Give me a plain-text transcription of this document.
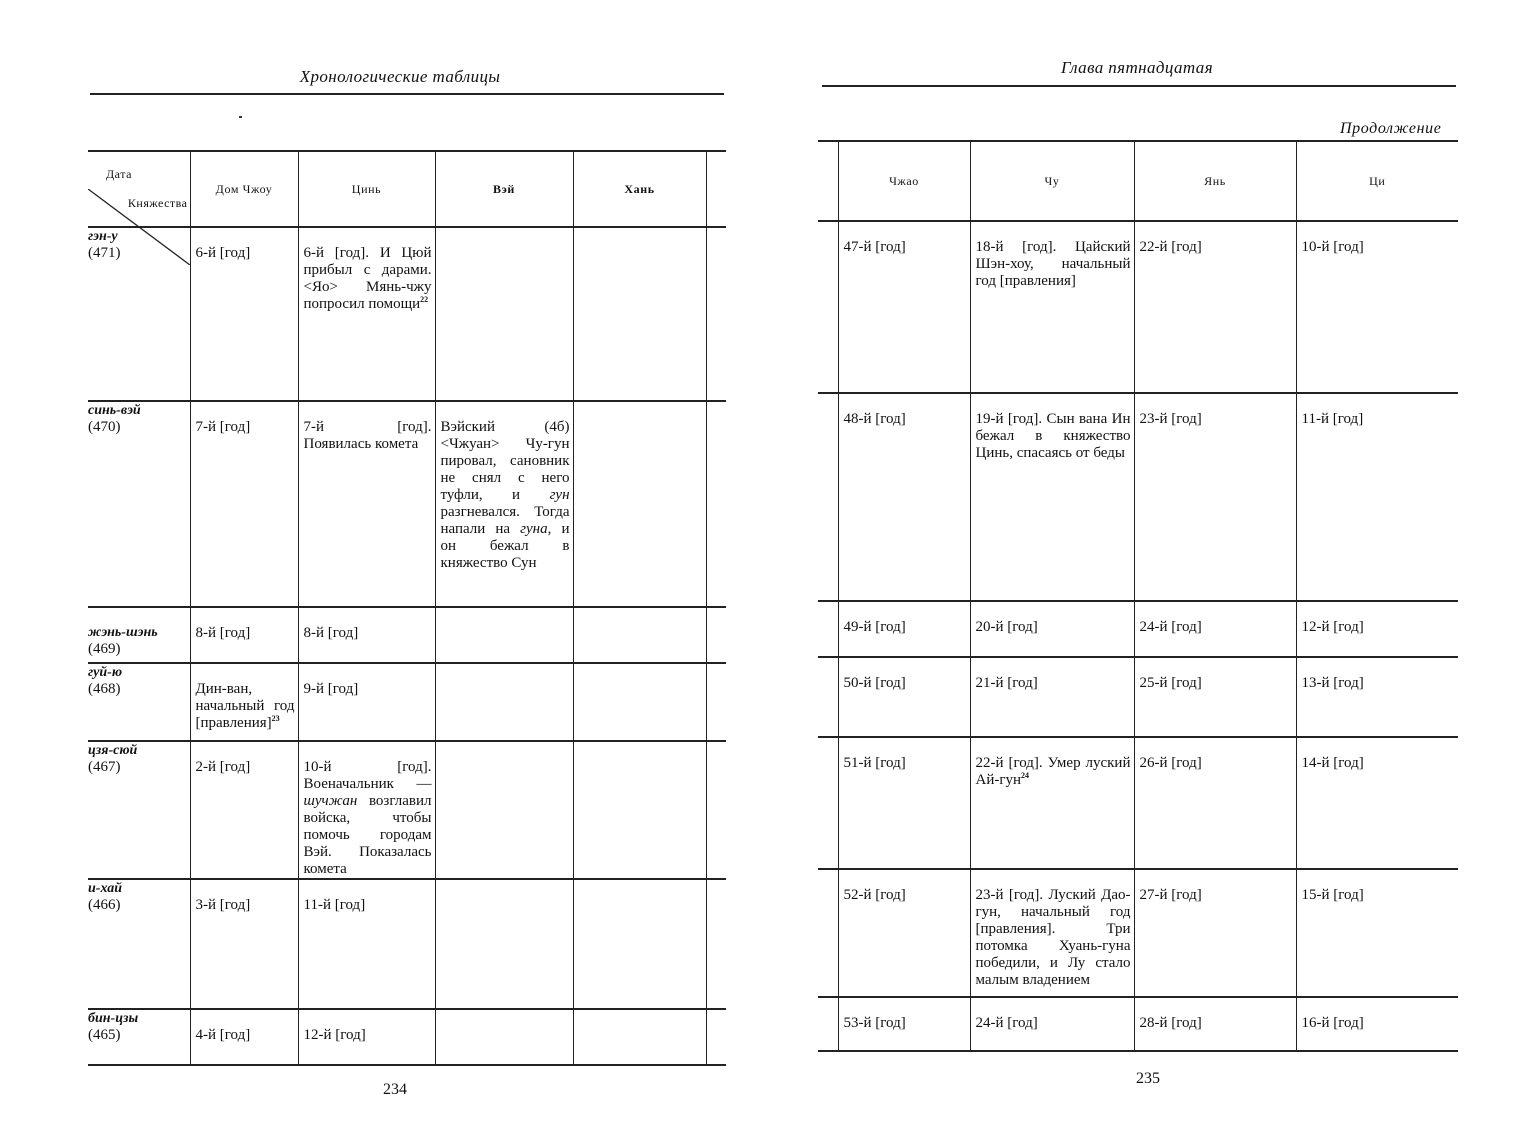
Хронологические таблицы
Княжества
Дата	Дом Чжоу	Цинь	Вэй	Хань	

гэн-у
(471)	6-й [год]	6-й [год]. И Цюй прибыл с дарами. <Яо> Мянь-чжу попросил помощи$^{22}$

синь-вэй
(470)	7-й [год]	7-й [год]. Появилась комета	Вэйский (4б) <Чжуан> Чу-гун пировал, сановник не снял с него туфли, и гун разгневался. Тогда напали на гуна, и он бежал в княжество Сун		

жэнь-шэнь
(469)	8-й [год]	8-й [год]			

гуй-ю
(468)	Дин-ван, начальный год [правления]$^{23}$	9-й [год]			

цзя-сюй
(467)	2-й [год]	10-й [год]. Военачальник — шучжан возглавил войска, чтобы помочь городам Вэй. Показалась комета			

и-хай
(466)	3-й [год]	11-й [год]			

бин-цзы
(465)	4-й [год]	12-й [год]			

234
Глава пятнадцатая
Продолжение
	Чжао	Чу	Янь	Ци

	47-й [год]	18-й [год]. Цайский Шэн-хоу, начальный год [правления]	22-й [год]	10-й [год]

	48-й [год]	19-й [год]. Сын вана Ин бежал в княжество Цинь, спасаясь от беды	23-й [год]	11-й [год]

	49-й [год]	20-й [год]	24-й [год]	12-й [год]

	50-й [год]	21-й [год]	25-й [год]	13-й [год]

	51-й [год]	22-й [год]. Умер луский Ай-гун$^{24}$	26-й [год]	14-й [год]

	52-й [год]	23-й [год]. Луский Дао-гун, начальный год [правления]. Три потомка Хуань-гуна победили, и Лу стало малым владением	27-й [год]	15-й [год]

	53-й [год]	24-й [год]	28-й [год]	16-й [год]
235
